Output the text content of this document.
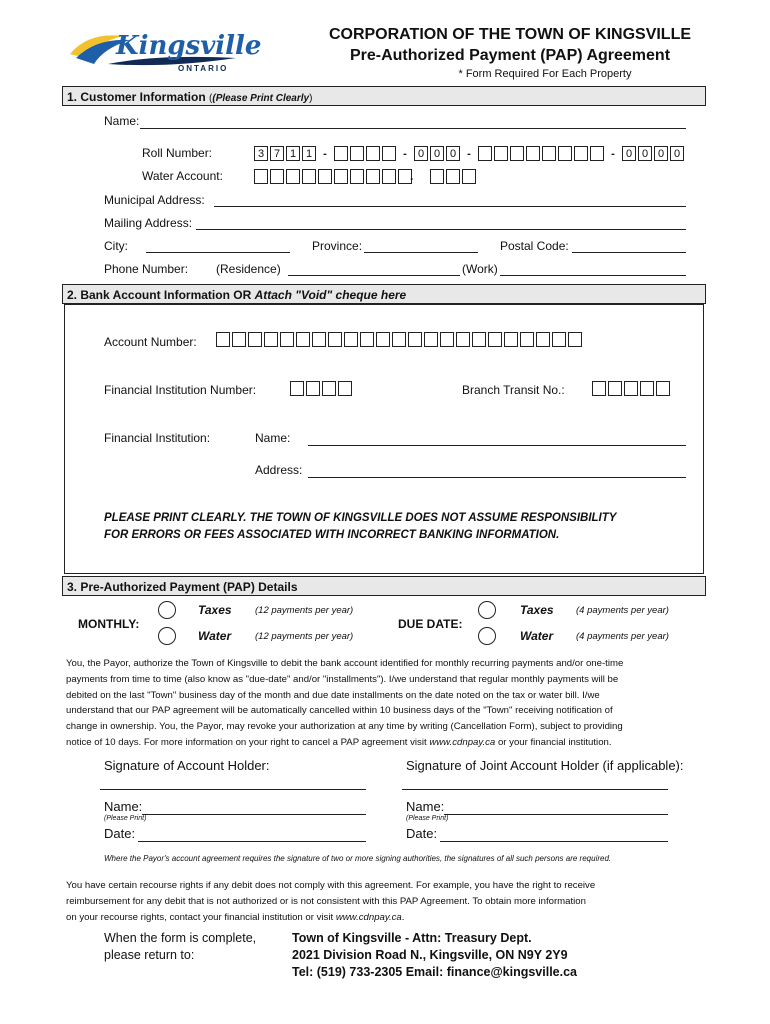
Kingsville
ONTARIO
CORPORATION OF THE TOWN OF KINGSVILLE
Pre-Authorized Payment (PAP) Agreement
* Form Required For Each Property
1. Customer Information ((Please Print Clearly)
Name:
Roll Number:	3 7 1 1	-	-	0 0 0	-	-	0 0 0 0
Water Account:	.
Municipal Address:
Mailing Address:
City:	Province:	Postal Code:
Phone Number: (Residence)	(Work)
2. Bank Account Information OR Attach "Void" cheque here
Account Number:
Financial Institution Number:	Branch Transit No.:
Financial Institution:	Name:
Address:
PLEASE PRINT CLEARLY. THE TOWN OF KINGSVILLE DOES NOT ASSUME RESPONSIBILITY
FOR ERRORS OR FEES ASSOCIATED WITH INCORRECT BANKING INFORMATION.
3. Pre-Authorized Payment (PAP) Details
MONTHLY:
Taxes (12 payments per year)
Water	(12 payments per year)
DUE DATE:
Taxes (4 payments per year)
Water (4 payments per year)
You, the Payor, authorize the Town of Kingsville to debit the bank account identified for monthly recurring payments and/or one-time
payments from time to time (also know as "due-date" and/or "installments"). I/we understand that regular monthly payments will be
debited on the last "Town" business day of the month and due date installments on the date noted on the tax or water bill. I/we
understand that our PAP agreement will be automatically cancelled within 10 business days of the "Town" receiving notification of
change in ownership. You, the Payor, may revoke your authorization at any time by writing (Cancellation Form), subject to providing
notice of 10 days. For more information on your right to cancel a PAP agreement visit www.cdnpay.ca or your financial institution.
Signature of Account Holder:	Signature of Joint Account Holder (if applicable):
Name:
(Please Print)
Name:
(Please Print)
Date:	Date:
Where the Payor's account agreement requires the signature of two or more signing authorities, the signatures of all such persons are required.
You have certain recourse rights if any debit does not comply with this agreement. For example, you have the right to receive
reimbursement for any debit that is not authorized or is not consistent with this PAP Agreement. To obtain more information
on your recourse rights, contact your financial institution or visit www.cdnpay.ca.
When the form is complete,
please return to:
Town of Kingsville - Attn: Treasury Dept.
2021 Division Road N., Kingsville, ON N9Y 2Y9
Tel: (519) 733-2305 Email: finance@kingsville.ca
